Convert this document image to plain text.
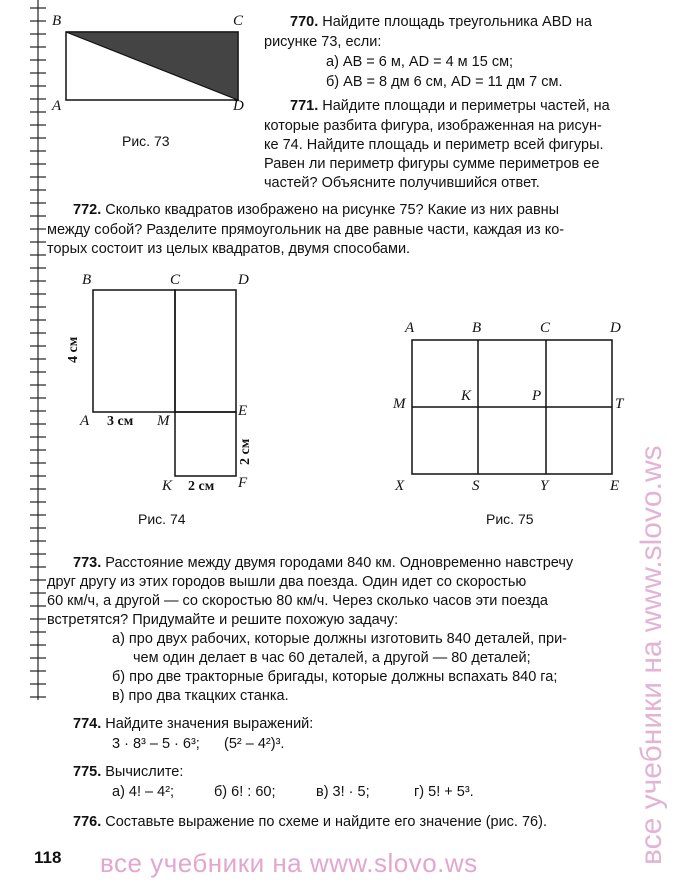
B	C
A	D
Рис. 73
770. Найдите площадь треугольника ABD на
рисунке 73, если:
а) AB = 6 м, AD = 4 м 15 см;
б) AB = 8 дм 6 см, AD = 11 дм 7 см.
771. Найдите площади и периметры частей, на
которые разбита фигура, изображенная на рисун-
ке 74. Найдите площадь и периметр всей фигуры.
Равен ли периметр фигуры сумме периметров ее
частей? Объясните получившийся ответ.
772. Сколько квадратов изображено на рисунке 75? Какие из них равны
между собой? Разделите прямоугольник на две равные части, каждая из ко-
торых состоит из целых квадратов, двумя способами.
B	C	D
A	M
E
K	F
4 см
3 см
2 см
2 см
Рис. 74
A	B	C	D
M	K	P	T
X	S	Y	E
Рис. 75
773. Расстояние между двумя городами 840 км. Одновременно навстречу
друг другу из этих городов вышли два поезда. Один идет со скоростью
60 км/ч, а другой — со скоростью 80 км/ч. Через сколько часов эти поезда
встретятся? Придумайте и решите похожую задачу:
а) про двух рабочих, которые должны изготовить 840 деталей, при-
чем один делает в час 60 деталей, а другой — 80 деталей;
б) про две тракторные бригады, которые должны вспахать 840 га;
в) про два ткацких станка.
774. Найдите значения выражений:
3 · 8³ – 5 · 6³;      (5² – 4²)³.
775. Вычислите:
а) 4! – 4²;	б) 6! : 60;	в) 3! · 5;	г) 5! + 5³.
776. Составьте выражение по схеме и найдите его значение (рис. 76).
118	все учебники на www.slovo.ws
все учебники на www.slovo.ws
